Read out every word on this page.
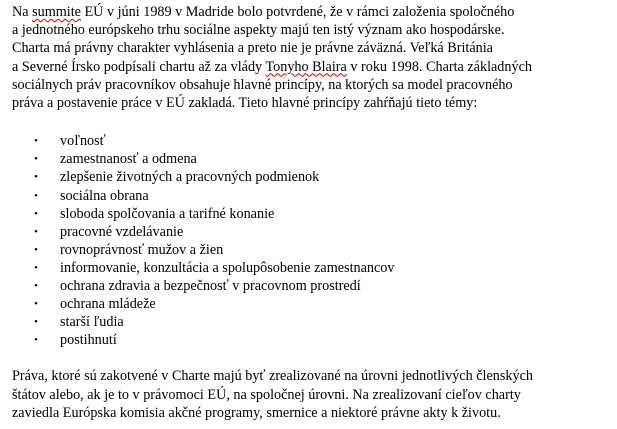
Na summite EÚ v júni 1989 v Madride bolo potvrdené, že v rámci založenia spoločného

a jednotného európskeho trhu sociálne aspekty majú ten istý význam ako hospodárske.

Charta má právny charakter vyhlásenia a preto nie je právne záväzná. Veľká Británia

a Severné Írsko podpísali chartu až za vlády Tonyho Blaira v roku 1998. Charta základných

sociálnych práv pracovníkov obsahuje hlavné princípy, na ktorých sa model pracovného

práva a postavenie práce v EÚ zakladá. Tieto hlavné princípy zahŕňajú tieto témy:

• voľnosť
• zamestnanosť a odmena
• zlepšenie životných a pracovných podmienok
• sociálna obrana
• sloboda spolčovania a tarifné konanie
• pracovné vzdelávanie
• rovnoprávnosť mužov a žien
• informovanie, konzultácia a spolupôsobenie zamestnancov
• ochrana zdravia a bezpečnosť v pracovnom prostredí
• ochrana mládeže
• starší ľudia
• postihnutí

Práva, ktoré sú zakotvené v Charte majú byť zrealizované na úrovni jednotlivých členských

štátov alebo, ak je to v právomoci EÚ, na spoločnej úrovni. Na zrealizovaní cieľov charty

zaviedla Európska komisia akčné programy, smernice a niektoré právne akty k životu.
